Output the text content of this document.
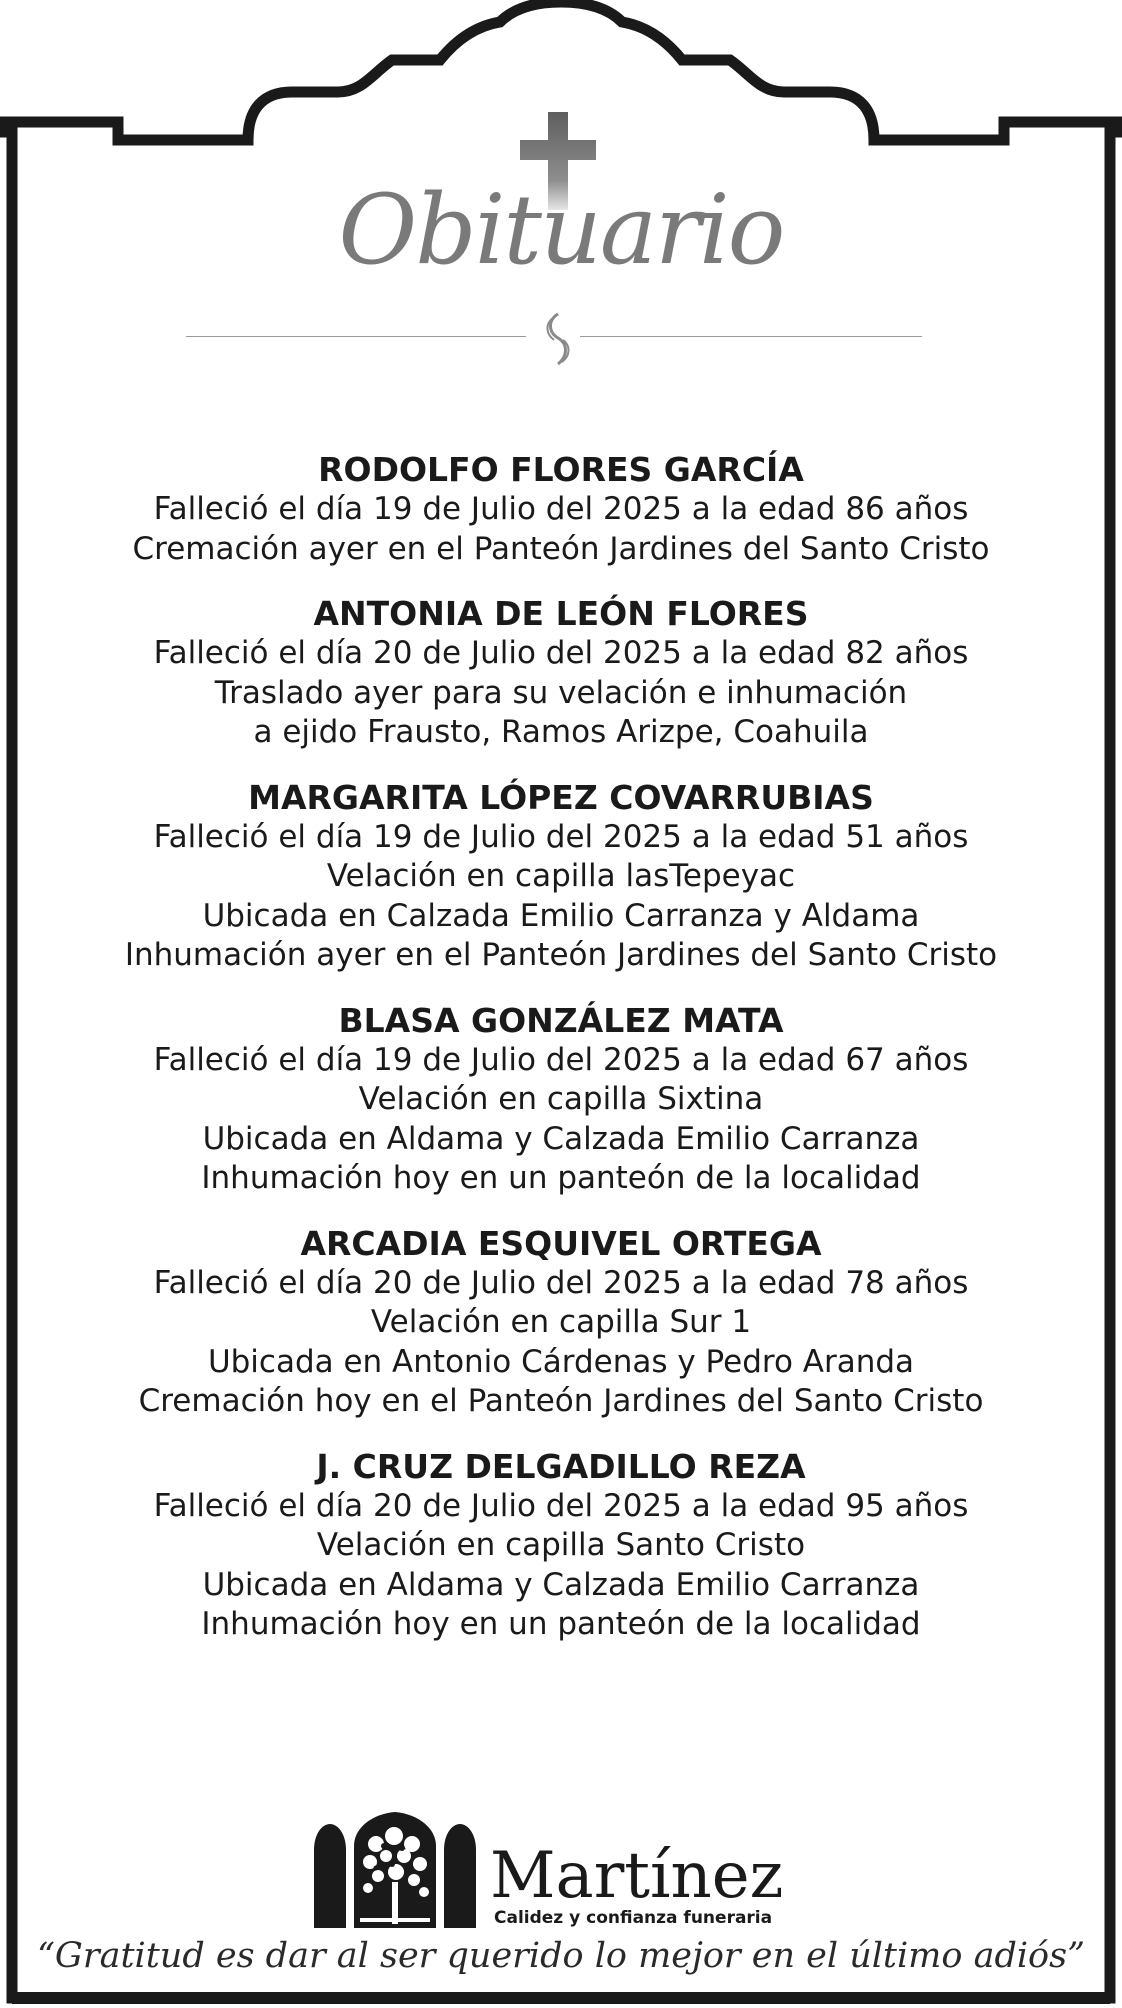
Obituario
RODOLFO FLORES GARCÍA
Falleció el día 19 de Julio del 2025 a la edad 86 años
Cremación ayer en el Panteón Jardines del Santo Cristo
ANTONIA DE LEÓN FLORES
Falleció el día 20 de Julio del 2025 a la edad 82 años
Traslado ayer para su velación e inhumación
a ejido Frausto, Ramos Arizpe, Coahuila
MARGARITA LÓPEZ COVARRUBIAS
Falleció el día 19 de Julio del 2025 a la edad 51 años
Velación en capilla lasTepeyac
Ubicada en Calzada Emilio Carranza y Aldama
Inhumación ayer en el Panteón Jardines del Santo Cristo
BLASA GONZÁLEZ MATA
Falleció el día 19 de Julio del 2025 a la edad 67 años
Velación en capilla Sixtina
Ubicada en Aldama y Calzada Emilio Carranza
Inhumación hoy en un panteón de la localidad
ARCADIA ESQUIVEL ORTEGA
Falleció el día 20 de Julio del 2025 a la edad 78 años
Velación en capilla Sur 1
Ubicada en Antonio Cárdenas y Pedro Aranda
Cremación hoy en el Panteón Jardines del Santo Cristo
J. CRUZ DELGADILLO REZA
Falleció el día 20 de Julio del 2025 a la edad 95 años
Velación en capilla Santo Cristo
Ubicada en Aldama y Calzada Emilio Carranza
Inhumación hoy en un panteón de la localidad
Martínez
Calidez y confianza funeraria
“Gratitud es dar al ser querido lo mejor en el último adiós”
